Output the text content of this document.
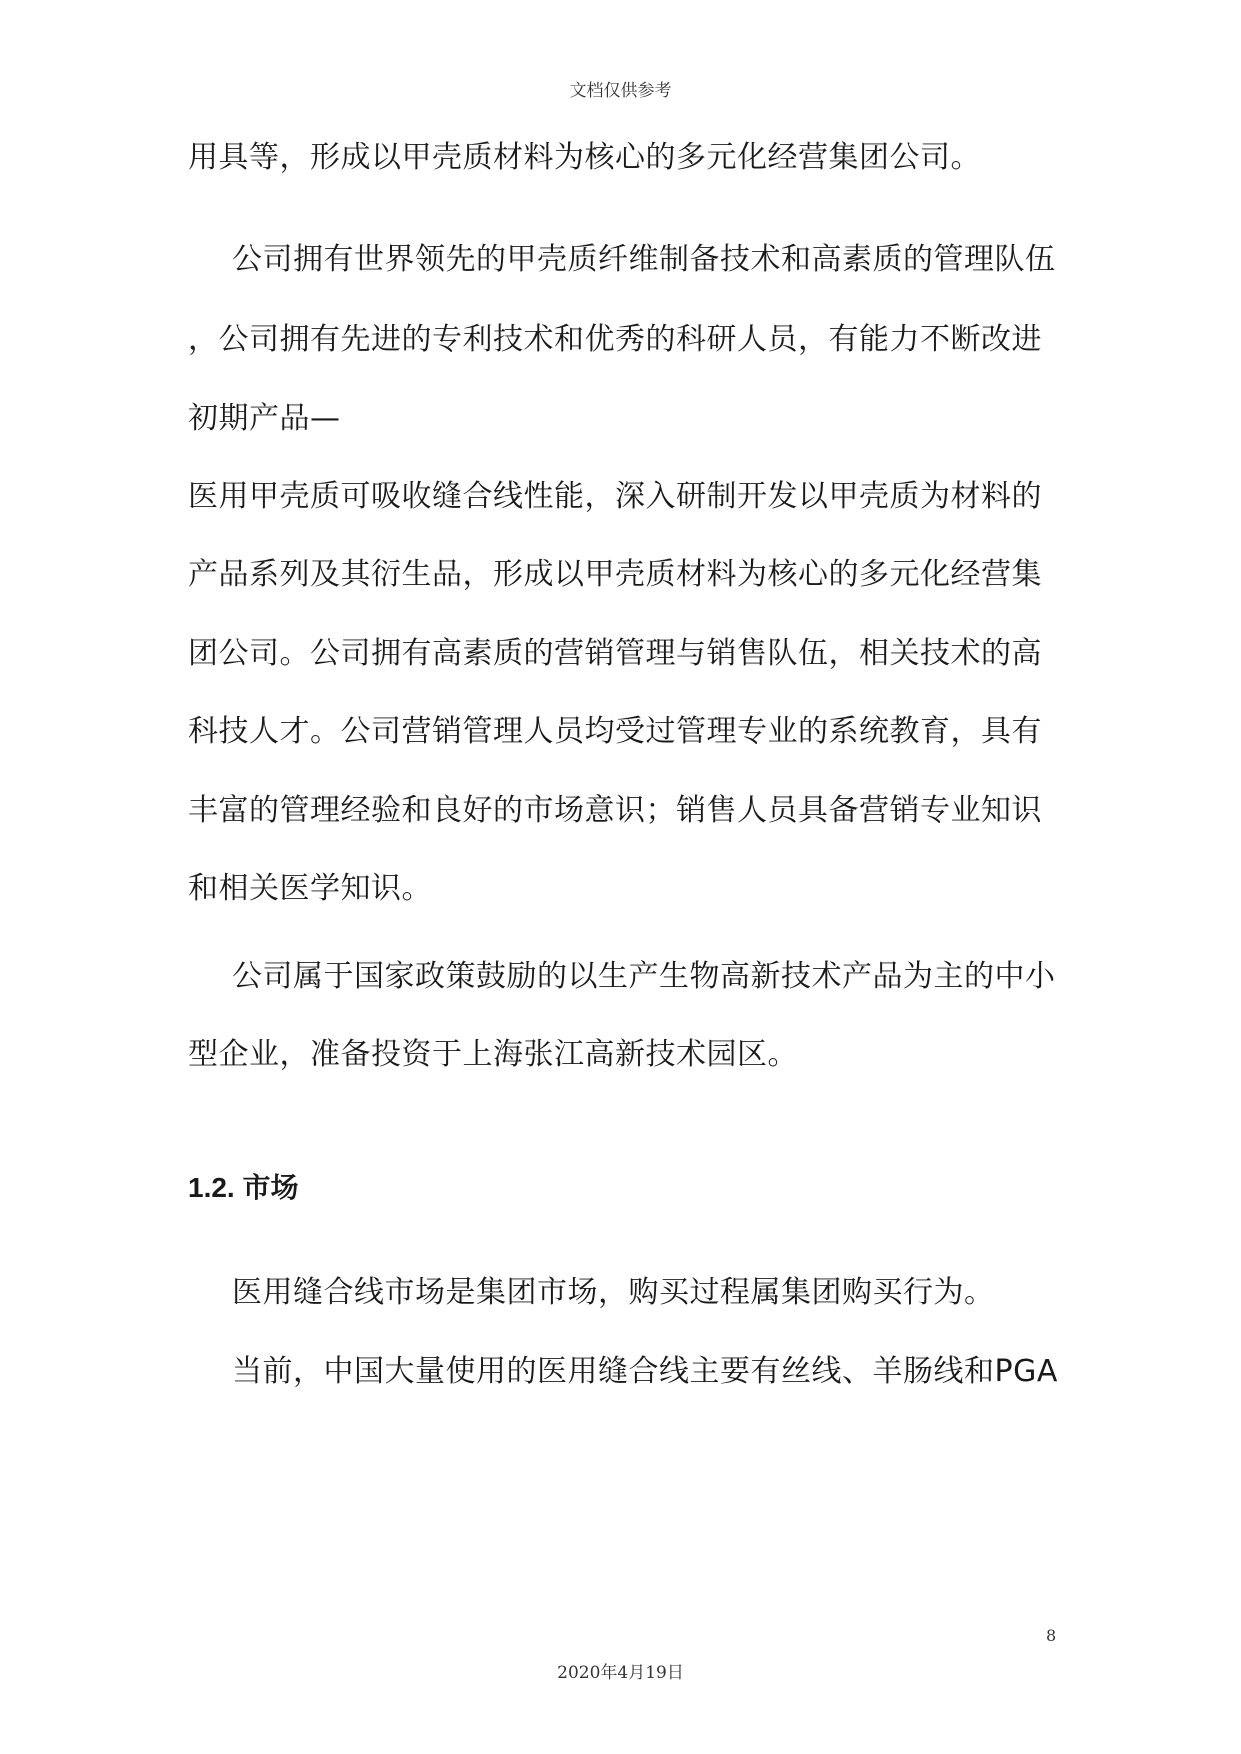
文档仅供参考
用具等，形成以甲壳质材料为核心的多元化经营集团公司。
公司拥有世界领先的甲壳质纤维制备技术和高素质的管理队伍
，公司拥有先进的专利技术和优秀的科研人员，有能力不断改进
初期产品—
医用甲壳质可吸收缝合线性能，深入研制开发以甲壳质为材料的
产品系列及其衍生品，形成以甲壳质材料为核心的多元化经营集
团公司。公司拥有高素质的营销管理与销售队伍，相关技术的高
科技人才。公司营销管理人员均受过管理专业的系统教育，具有
丰富的管理经验和良好的市场意识；销售人员具备营销专业知识
和相关医学知识。
公司属于国家政策鼓励的以生产生物高新技术产品为主的中小
型企业，准备投资于上海张江高新技术园区。
1.2. 市场
医用缝合线市场是集团市场，购买过程属集团购买行为。
当前，中国大量使用的医用缝合线主要有丝线、羊肠线和PGA
8
2020年4月19日
